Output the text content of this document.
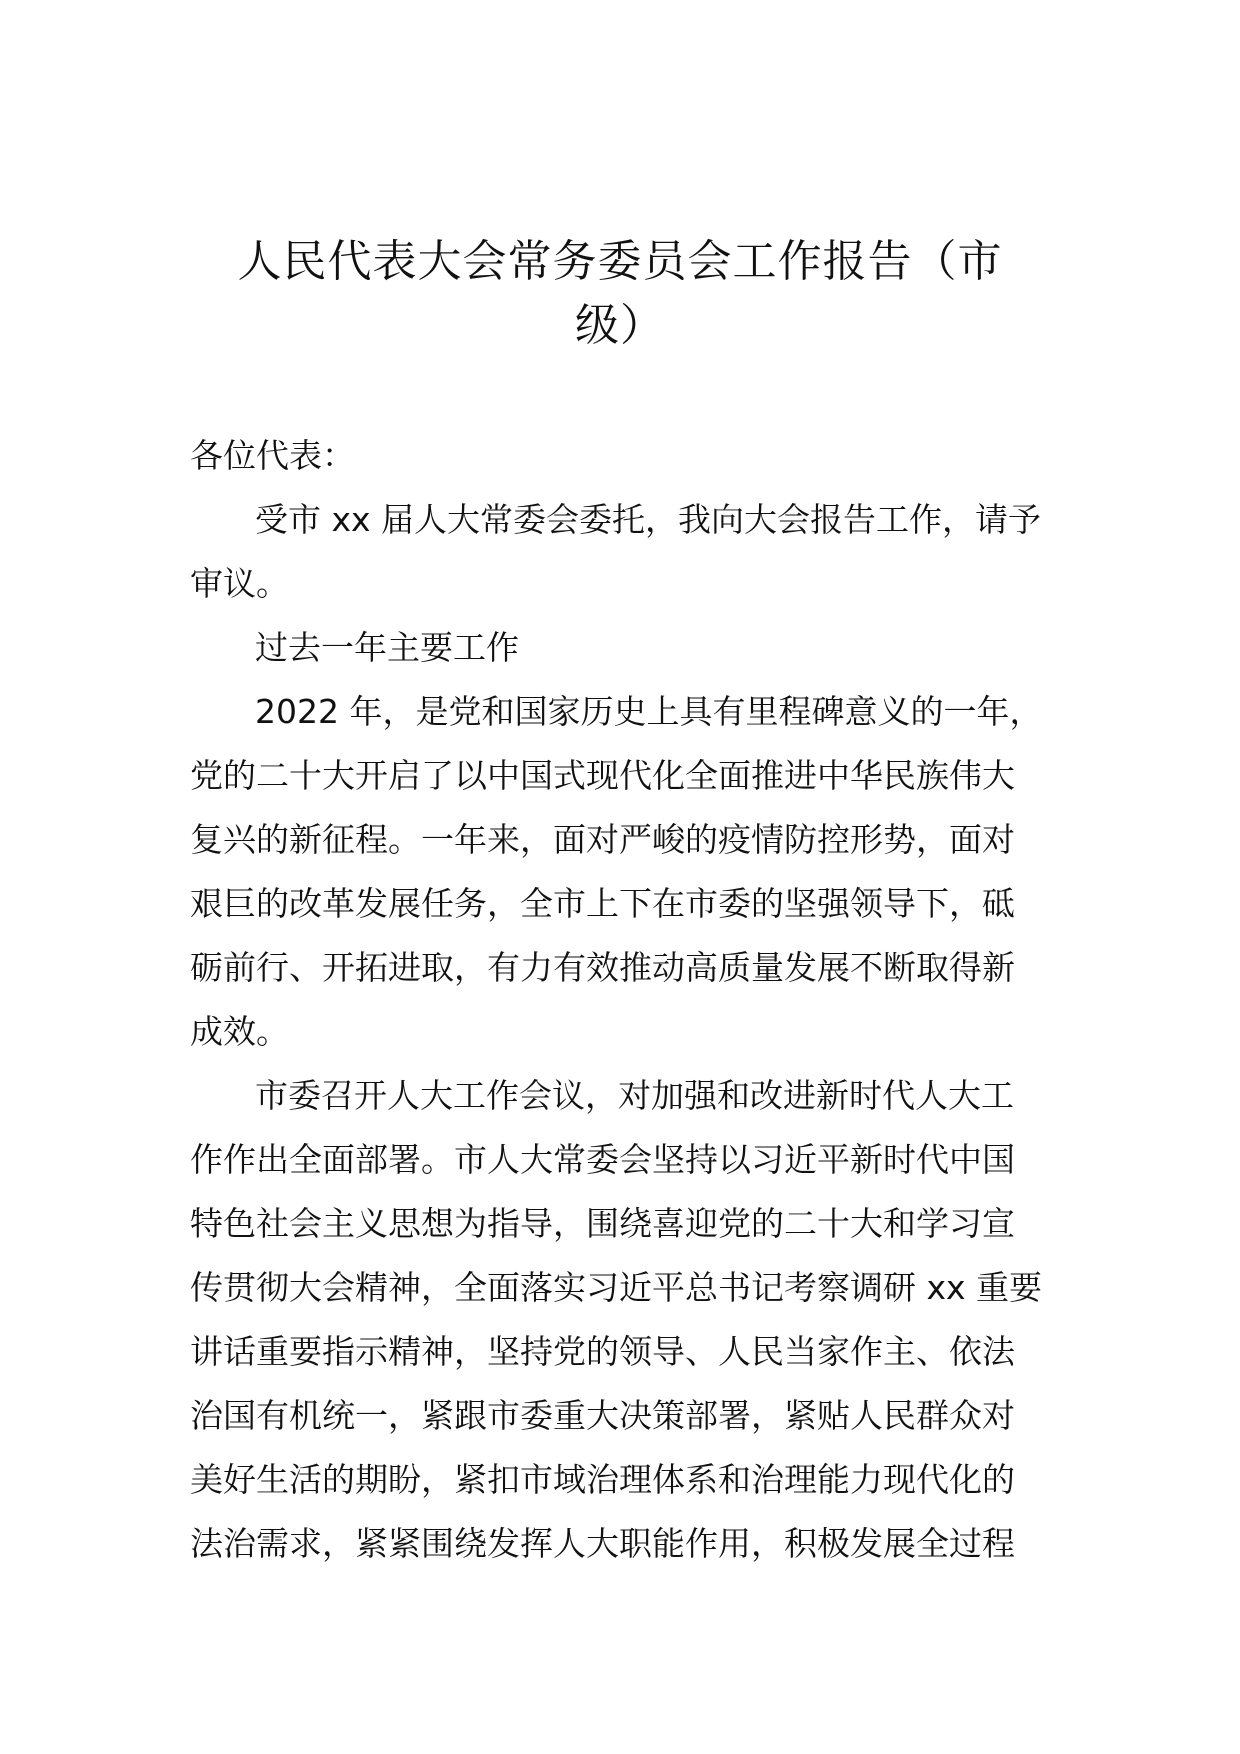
人民代表大会常务委员会工作报告（市
级）
各位代表：
受市 xx 届人大常委会委托，我向大会报告工作，请予
审议。
过去一年主要工作
2022 年，是党和国家历史上具有里程碑意义的一年，
党的二十大开启了以中国式现代化全面推进中华民族伟大
复兴的新征程。一年来，面对严峻的疫情防控形势，面对
艰巨的改革发展任务，全市上下在市委的坚强领导下，砥
砺前行、开拓进取，有力有效推动高质量发展不断取得新
成效。
市委召开人大工作会议，对加强和改进新时代人大工
作作出全面部署。市人大常委会坚持以习近平新时代中国
特色社会主义思想为指导，围绕喜迎党的二十大和学习宣
传贯彻大会精神，全面落实习近平总书记考察调研 xx 重要
讲话重要指示精神，坚持党的领导、人民当家作主、依法
治国有机统一，紧跟市委重大决策部署，紧贴人民群众对
美好生活的期盼，紧扣市域治理体系和治理能力现代化的
法治需求，紧紧围绕发挥人大职能作用，积极发展全过程
